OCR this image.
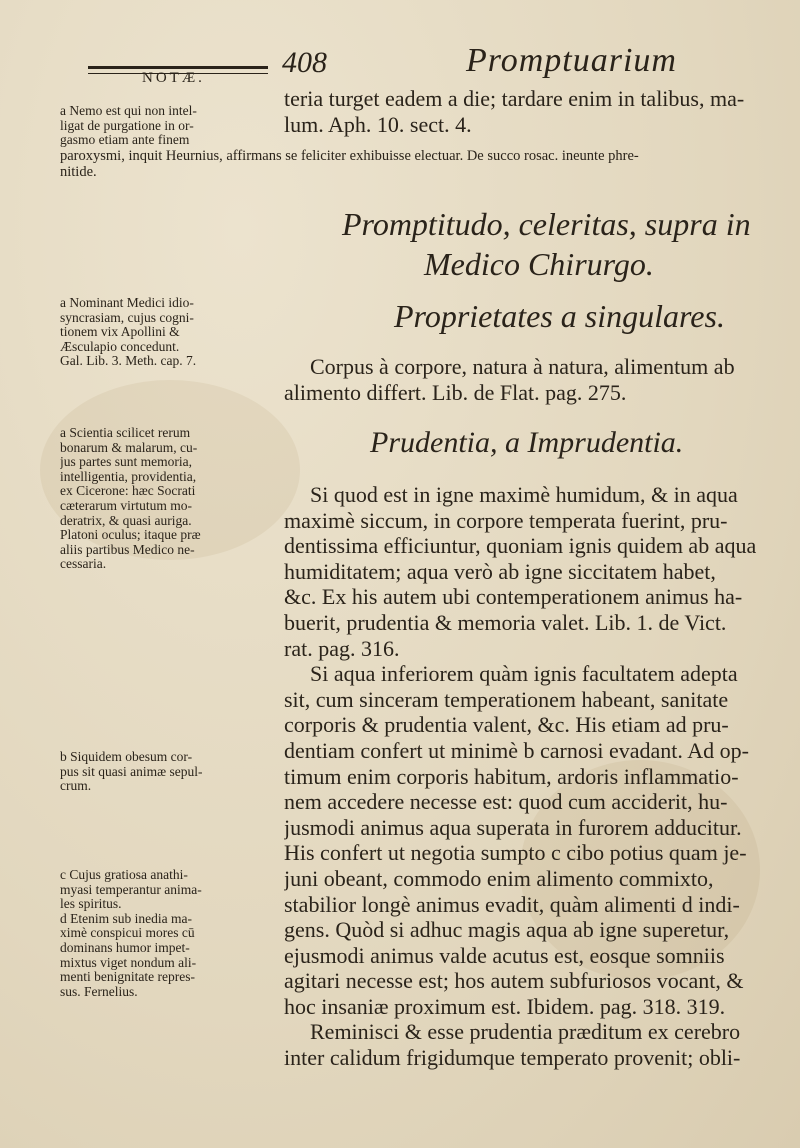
NOTÆ.	408	Promptuarium
teria turget eadem a die; tardare enim in talibus, ma-
lum. Aph. 10. sect. 4.
a Nemo est qui non intel-
ligat de purgatione in or-
gasmo etiam ante finem
paroxysmi, inquit Heurnius, affirmans se feliciter exhibuisse electuar. De succo rosac. ineunte phre-
nitide.
Promptitudo, celeritas, supra in
Medico Chirurgo.
Proprietates a singulares.
a Nominant Medici idio-
syncrasiam, cujus cogni-
tionem vix Apollini &
Æsculapio concedunt.
Gal. Lib. 3. Meth. cap. 7.	Corpus à corpore, natura à natura, alimentum ab
alimento differt. Lib. de Flat. pag. 275.
Prudentia, a Imprudentia.
a Scientia scilicet rerum
bonarum & malarum, cu-
jus partes sunt memoria,
intelligentia, providentia,
ex Cicerone: hæc Socrati
cæterarum virtutum mo-
deratrix, & quasi auriga.
Platoni oculus; itaque præ
aliis partibus Medico ne-
cessaria.
Si quod est in igne maximè humidum, & in aqua
maximè siccum, in corpore temperata fuerint, pru-
dentissima efficiuntur, quoniam ignis quidem ab aqua
humiditatem; aqua verò ab igne siccitatem habet,
&c. Ex his autem ubi contemperationem animus ha-
buerit, prudentia & memoria valet. Lib. 1. de Vict.
rat. pag. 316.
Si aqua inferiorem quàm ignis facultatem adepta
sit, cum sinceram temperationem habeant, sanitate
corporis & prudentia valent, &c. His etiam ad pru-
dentiam confert ut minimè b carnosi evadant. Ad op-
timum enim corporis habitum, ardoris inflammatio-
nem accedere necesse est: quod cum acciderit, hu-
jusmodi animus aqua superata in furorem adducitur.
His confert ut negotia sumpto c cibo potius quam je-
juni obeant, commodo enim alimento commixto,
stabilior longè animus evadit, quàm alimenti d indi-
gens. Quòd si adhuc magis aqua ab igne superetur,
ejusmodi animus valde acutus est, eosque somniis
agitari necesse est; hos autem subfuriosos vocant, &
hoc insaniæ proximum est. Ibidem. pag. 318. 319.
Reminisci & esse prudentia præditum ex cerebro
inter calidum frigidumque temperato provenit; obli-
b Siquidem obesum cor-
pus sit quasi animæ sepul-
crum.
c Cujus gratiosa anathi-
myasi temperantur anima-
les spiritus.
d Etenim sub inedia ma-
ximè conspicui mores cū
dominans humor impet-
mixtus viget nondum ali-
menti benignitate repres-
sus. Fernelius.
